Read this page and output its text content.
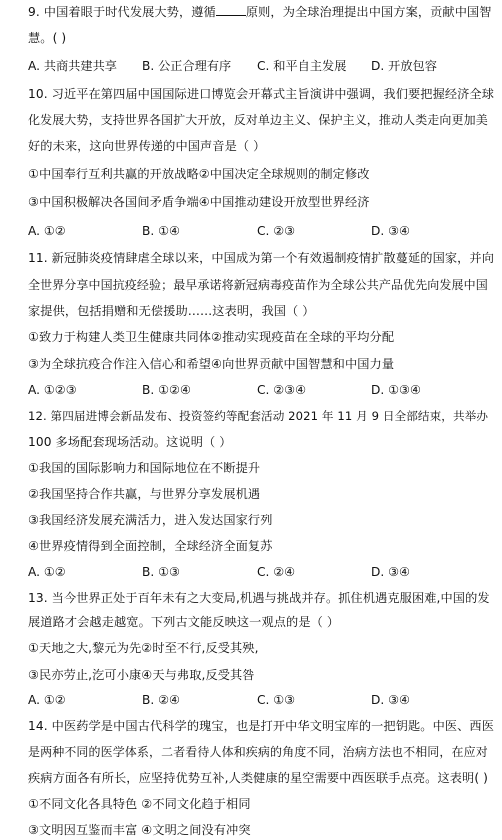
9. 中国着眼于时代发展大势，遵循 原则，为全球治理提出中国方案，贡献中国智
慧。( )
A. 共商共建共享 B. 公正合理有序 C. 和平自主发展 D. 开放包容
10. 习近平在第四届中国国际进口博览会开幕式主旨演讲中强调，我们要把握经济全球
化发展大势，支持世界各国扩大开放，反对单边主义、保护主义，推动人类走向更加美
好的未来，这向世界传递的中国声音是（ ）
①中国奉行互利共赢的开放战略②中国决定全球规则的制定修改
③中国积极解决各国间矛盾争端④中国推动建设开放型世界经济
A. ①②	B. ①④	C. ②③	D. ③④
11. 新冠肺炎疫情肆虐全球以来，中国成为第一个有效遏制疫情扩散蔓延的国家，并向
全世界分享中国抗疫经验；最早承诺将新冠病毒疫苗作为全球公共产品优先向发展中国
家提供，包括捐赠和无偿援助……这表明，我国（ ）
①致力于构建人类卫生健康共同体②推动实现疫苗在全球的平均分配
③为全球抗疫合作注入信心和希望④向世界贡献中国智慧和中国力量
A. ①②③	B. ①②④	C. ②③④	D. ①③④
12. 第四届进博会新品发布、投资签约等配套活动 2021 年 11 月 9 日全部结束，共举办
100 多场配套现场活动。这说明（ ）
①我国的国际影响力和国际地位在不断提升
②我国坚持合作共赢，与世界分享发展机遇
③我国经济发展充满活力，进入发达国家行列
④世界疫情得到全面控制，全球经济全面复苏
A. ①②	B. ①③	C. ②④	D. ③④
13. 当今世界正处于百年未有之大变局,机遇与挑战并存。抓住机遇克服困难,中国的发
展道路才会越走越宽。下列古文能反映这一观点的是（ ）
①天地之大,黎元为先②时至不行,反受其殃,
③民亦劳止,汔可小康④天与弗取,反受其咎
A. ①②	B. ②④	C. ①③	D. ③④
14. 中医药学是中国古代科学的瑰宝，也是打开中华文明宝库的一把钥匙。中医、西医
是两种不同的医学体系，二者看待人体和疾病的角度不同，治病方法也不相同，在应对
疾病方面各有所长，应坚持优势互补,人类健康的星空需要中西医联手点亮。这表明( )
①不同文化各具特色 ②不同文化趋于相同
③文明因互鉴而丰富 ④文明之间没有冲突
